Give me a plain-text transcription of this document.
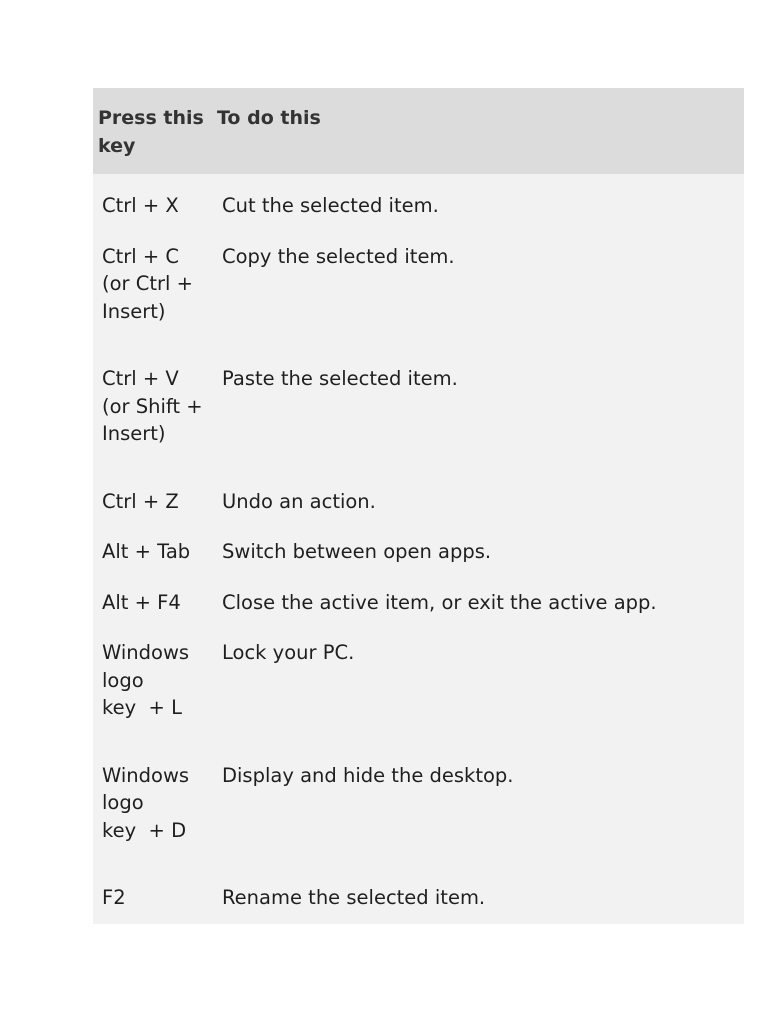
Press this key	To do this

Ctrl + X	Cut the selected item.

Ctrl + C
(or Ctrl +
Insert)	Copy the selected item.

Ctrl + V
(or Shift +
Insert)	Paste the selected item.

Ctrl + Z	Undo an action.

Alt + Tab	Switch between open apps.

Alt + F4	Close the active item, or exit the active app.

Windows
logo
key  + L	Lock your PC.

Windows
logo
key  + D	Display and hide the desktop.

F2	Rename the selected item.
